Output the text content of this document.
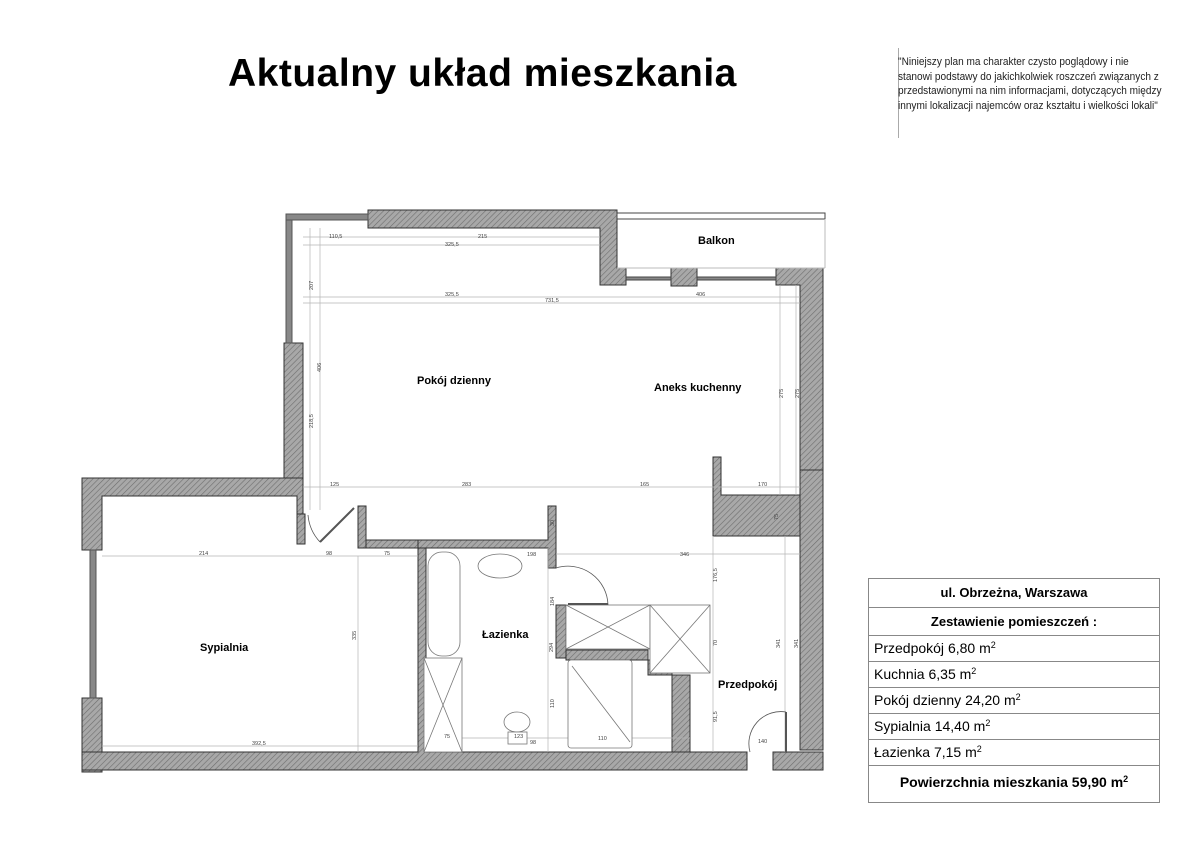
Aktualny układ mieszkania	"Niniejszy plan ma charakter czysto poglądowy i nie stanowi podstawy do jakichkolwiek roszczeń związanych z przedstawionymi na nim informacjami, dotyczących między innymi lokalizacji najemców oraz kształtu i wielkości lokali"
Balkon
Pokój dzienny
Aneks kuchenny
Sypialnia
Łazienka
Przedpokój
110,5	215
325,5
325,5
731,5
406
207
406
218,5
275 275
125	283	165	170
75
214	98	75
335
392,5
30
198
184
294
110
75	123
98
110
346
176,5
70
91,5
341 341
140
ul. Obrzeżna, Warszawa
Zestawienie pomieszczeń :
Przedpokój 6,80 $m^2$
Kuchnia 6,35 $m^2$
Pokój dzienny 24,20 $m^2$
Sypialnia 14,40 $m^2$
Łazienka 7,15 $m^2$
Powierzchnia mieszkania 59,90 $m^2$
